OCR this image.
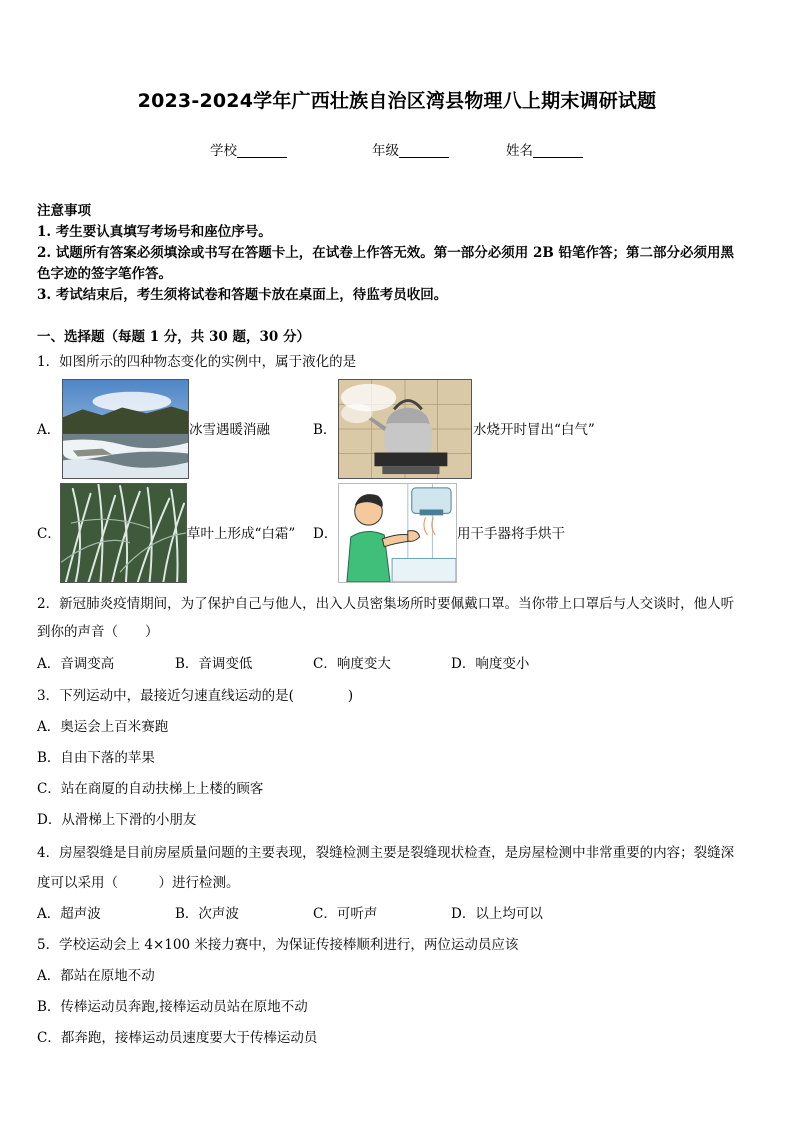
2023-2024学年广西壮族自治区湾县物理八上期末调研试题
学校	年级	姓名
注意事项
1. 考生要认真填写考场号和座位序号。
2. 试题所有答案必须填涂或书写在答题卡上，在试卷上作答无效。第一部分必须用 2B 铅笔作答；第二部分必须用黑
色字迹的签字笔作答。
3. 考试结束后，考生须将试卷和答题卡放在桌面上，待监考员收回。
一、选择题（每题 1 分，共 30 题，30 分）
1．如图所示的四种物态变化的实例中，属于液化的是
A．	冰雪遇暖消融	B．	水烧开时冒出“白气”
C．	草叶上形成“白霜” D．	用干手器将手烘干
2．新冠肺炎疫情期间，为了保护自己与他人，出入人员密集场所时要佩戴口罩。当你带上口罩后与人交谈时，他人听
到你的声音（　　）
A．音调变高	B．音调变低	C．响度变大	D．响度变小
3．下列运动中，最接近匀速直线运动的是(　　　　)
A．奥运会上百米赛跑
B．自由下落的苹果
C．站在商厦的自动扶梯上上楼的顾客
D．从滑梯上下滑的小朋友
4．房屋裂缝是目前房屋质量问题的主要表现，裂缝检测主要是裂缝现状检查，是房屋检测中非常重要的内容；裂缝深
度可以采用（　　　）进行检测。
A．超声波	B．次声波	C．可听声	D．以上均可以
5．学校运动会上 4×100 米接力赛中，为保证传接棒顺利进行，两位运动员应该
A．都站在原地不动
B．传棒运动员奔跑,接棒运动员站在原地不动
C．都奔跑，接棒运动员速度要大于传棒运动员
